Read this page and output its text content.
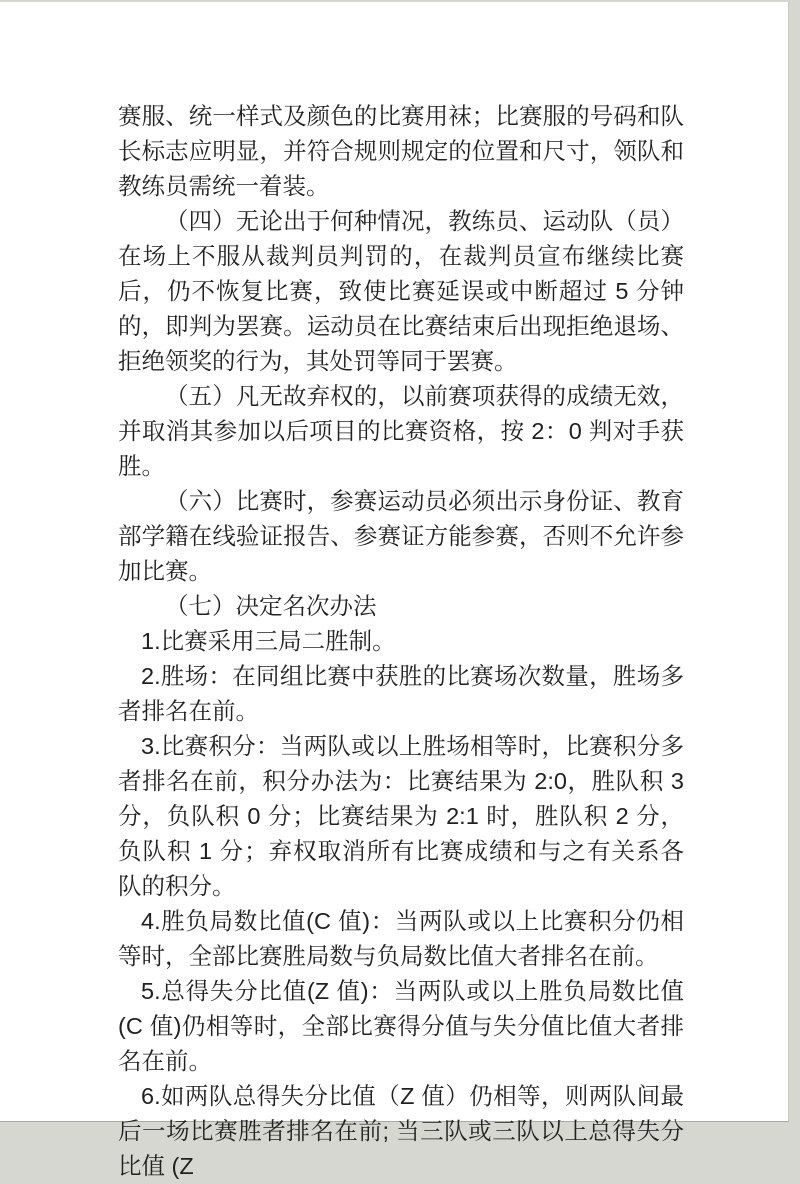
赛服、统一样式及颜色的比赛用袜；比赛服的号码和队长标志应明显，并符合规则规定的位置和尺寸，领队和教练员需统一着装。

（四）无论出于何种情况，教练员、运动队（员）在场上不服从裁判员判罚的，在裁判员宣布继续比赛后，仍不恢复比赛，致使比赛延误或中断超过 5 分钟的，即判为罢赛。运动员在比赛结束后出现拒绝退场、拒绝领奖的行为，其处罚等同于罢赛。

（五）凡无故弃权的，以前赛项获得的成绩无效，并取消其参加以后项目的比赛资格，按 2：0 判对手获胜。

（六）比赛时，参赛运动员必须出示身份证、教育部学籍在线验证报告、参赛证方能参赛，否则不允许参加比赛。

（七）决定名次办法

1.比赛采用三局二胜制。

2.胜场：在同组比赛中获胜的比赛场次数量，胜场多者排名在前。

3.比赛积分：当两队或以上胜场相等时，比赛积分多者排名在前，积分办法为：比赛结果为 2:0，胜队积 3 分，负队积 0 分；比赛结果为 2:1 时，胜队积 2 分，负队积 1 分；弃权取消所有比赛成绩和与之有关系各队的积分。

4.胜负局数比值(C 值)：当两队或以上比赛积分仍相等时，全部比赛胜局数与负局数比值大者排名在前。

5.总得失分比值(Z 值)：当两队或以上胜负局数比值(C 值)仍相等时，全部比赛得分值与失分值比值大者排名在前。

6.如两队总得失分比值（Z 值）仍相等，则两队间最后一场比赛胜者排名在前; 当三队或三队以上总得失分比值 (Z
